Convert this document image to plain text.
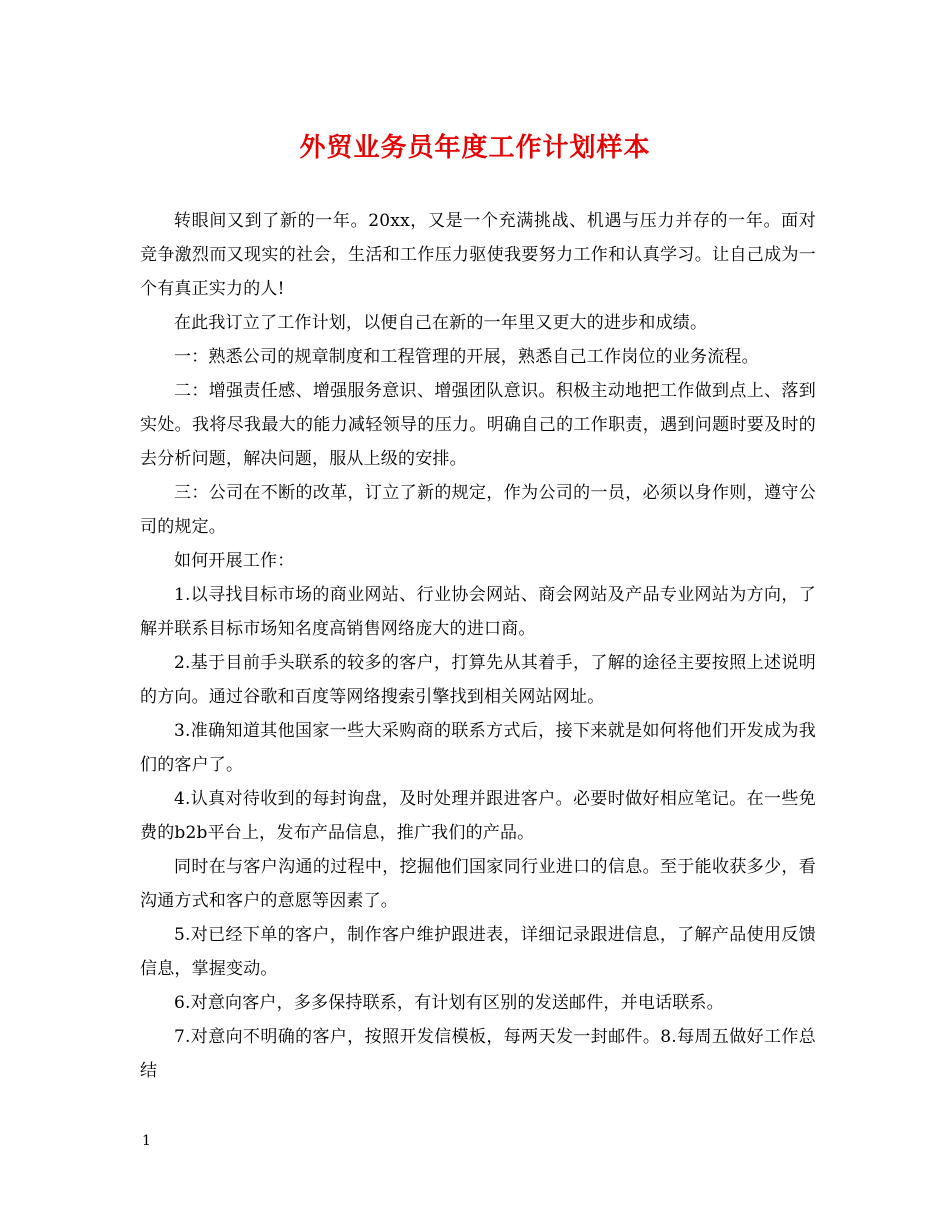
外贸业务员年度工作计划样本

转眼间又到了新的一年。20xx，又是一个充满挑战、机遇与压力并存的一年。面对竞争激烈而又现实的社会，生活和工作压力驱使我要努力工作和认真学习。让自己成为一个有真正实力的人!

在此我订立了工作计划，以便自己在新的一年里又更大的进步和成绩。

一：熟悉公司的规章制度和工程管理的开展，熟悉自己工作岗位的业务流程。

二：增强责任感、增强服务意识、增强团队意识。积极主动地把工作做到点上、落到实处。我将尽我最大的能力减轻领导的压力。明确自己的工作职责，遇到问题时要及时的去分析问题，解决问题，服从上级的安排。

三：公司在不断的改革，订立了新的规定，作为公司的一员，必须以身作则，遵守公司的规定。

如何开展工作：

1.以寻找目标市场的商业网站、行业协会网站、商会网站及产品专业网站为方向，了解并联系目标市场知名度高销售网络庞大的进口商。

2.基于目前手头联系的较多的客户，打算先从其着手，了解的途径主要按照上述说明的方向。通过谷歌和百度等网络搜索引擎找到相关网站网址。

3.准确知道其他国家一些大采购商的联系方式后，接下来就是如何将他们开发成为我们的客户了。

4.认真对待收到的每封询盘，及时处理并跟进客户。必要时做好相应笔记。在一些免费的b2b平台上，发布产品信息，推广我们的产品。

同时在与客户沟通的过程中，挖掘他们国家同行业进口的信息。至于能收获多少，看沟通方式和客户的意愿等因素了。

5.对已经下单的客户，制作客户维护跟进表，详细记录跟进信息，了解产品使用反馈信息，掌握变动。

6.对意向客户，多多保持联系，有计划有区别的发送邮件，并电话联系。

7.对意向不明确的客户，按照开发信模板，每两天发一封邮件。8.每周五做好工作总结

1
